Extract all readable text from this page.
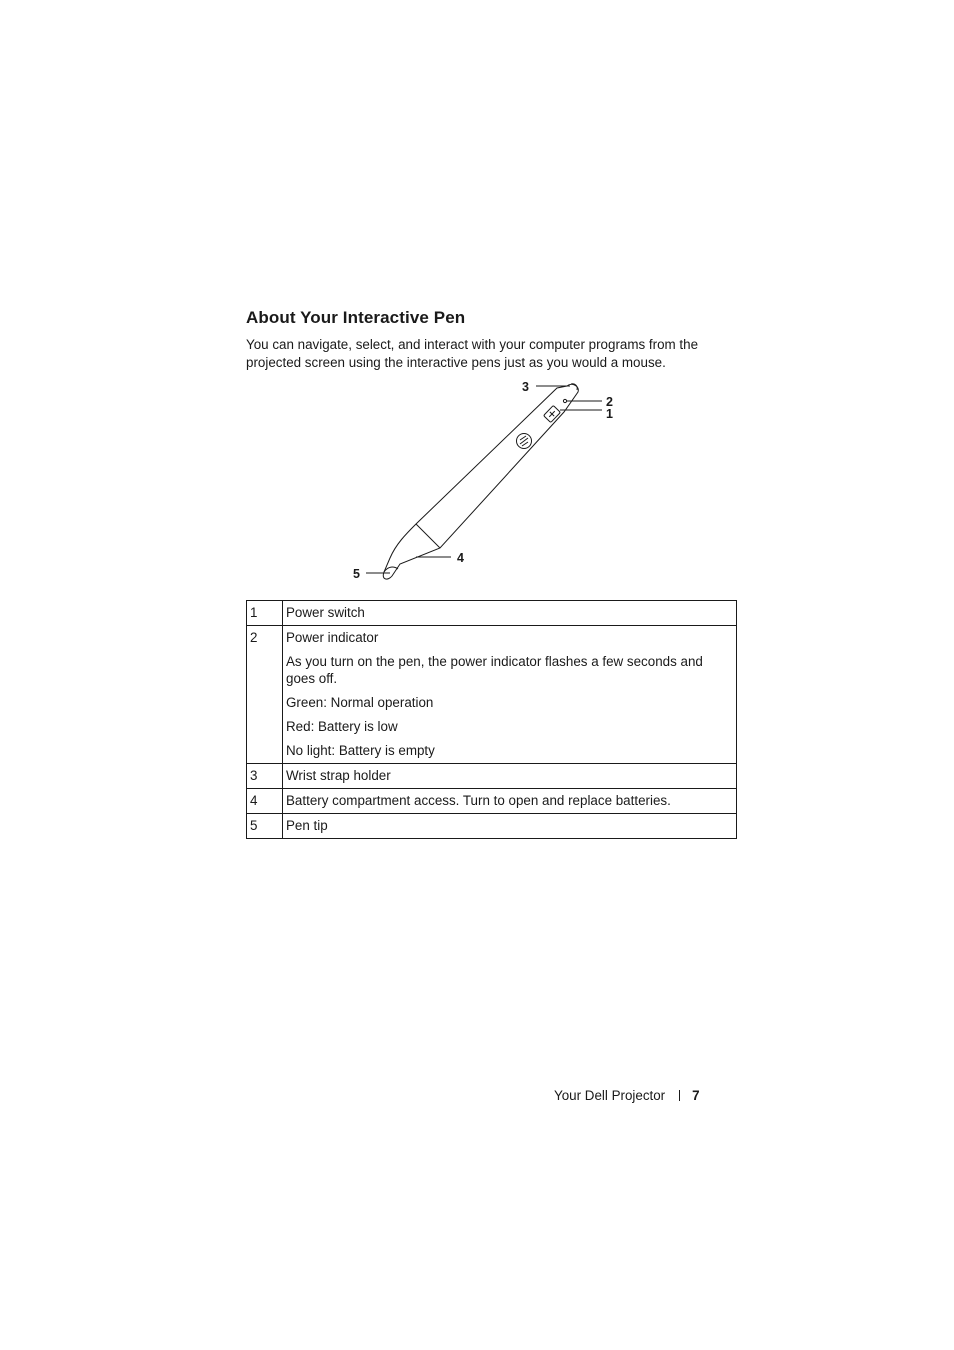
About Your Interactive Pen

You can navigate, select, and interact with your computer programs from the projected screen using the interactive pens just as you would a mouse.

1
2
3
4
5
1	Power switch
2	Power indicator
As you turn on the pen, the power indicator flashes a few seconds and goes off.
Green: Normal operation
Red: Battery is low
No light: Battery is empty

3	Wrist strap holder
4	Battery compartment access. Turn to open and replace batteries.
5	Pen tip
Your Dell Projector 7
